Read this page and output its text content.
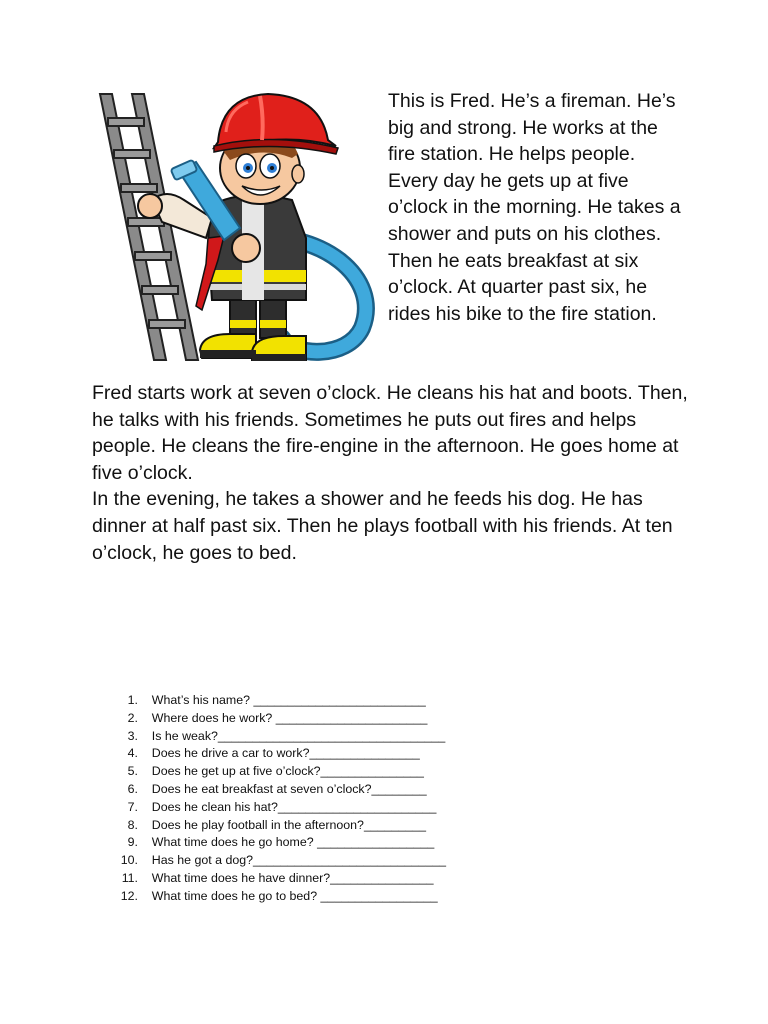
This is Fred. He’s a fireman. He’s big and strong. He works at the fire station. He helps people.

Every day he gets up at five o’clock in the morning. He takes a shower and puts on his clothes. Then he eats breakfast at six o’clock. At quarter past six, he rides his bike to the fire station.

Fred starts work at seven o’clock. He cleans his hat and boots. Then, he talks with his friends. Sometimes he puts out fires and helps people. He cleans the fire-engine in the afternoon. He goes home at five o’clock.

In the evening, he takes a shower and he feeds his dog. He has dinner at half past six. Then he plays football with his friends. At ten o’clock, he goes to bed.

1.
What’s his name? _________________________
2.
Where does he work? ______________________
3.
Is he weak?_________________________________
4.
Does he drive a car to work?________________
5.
Does he get up at five o’clock?_______________
6.
Does he eat breakfast at seven o’clock?________
7.
Does he clean his hat?_______________________
8.
Does he play football in the afternoon?_________
9.
What time does he go home? _________________
10.
Has he got a dog?____________________________
11.
What time does he have dinner?_______________
12.
What time does he go to bed? _________________
